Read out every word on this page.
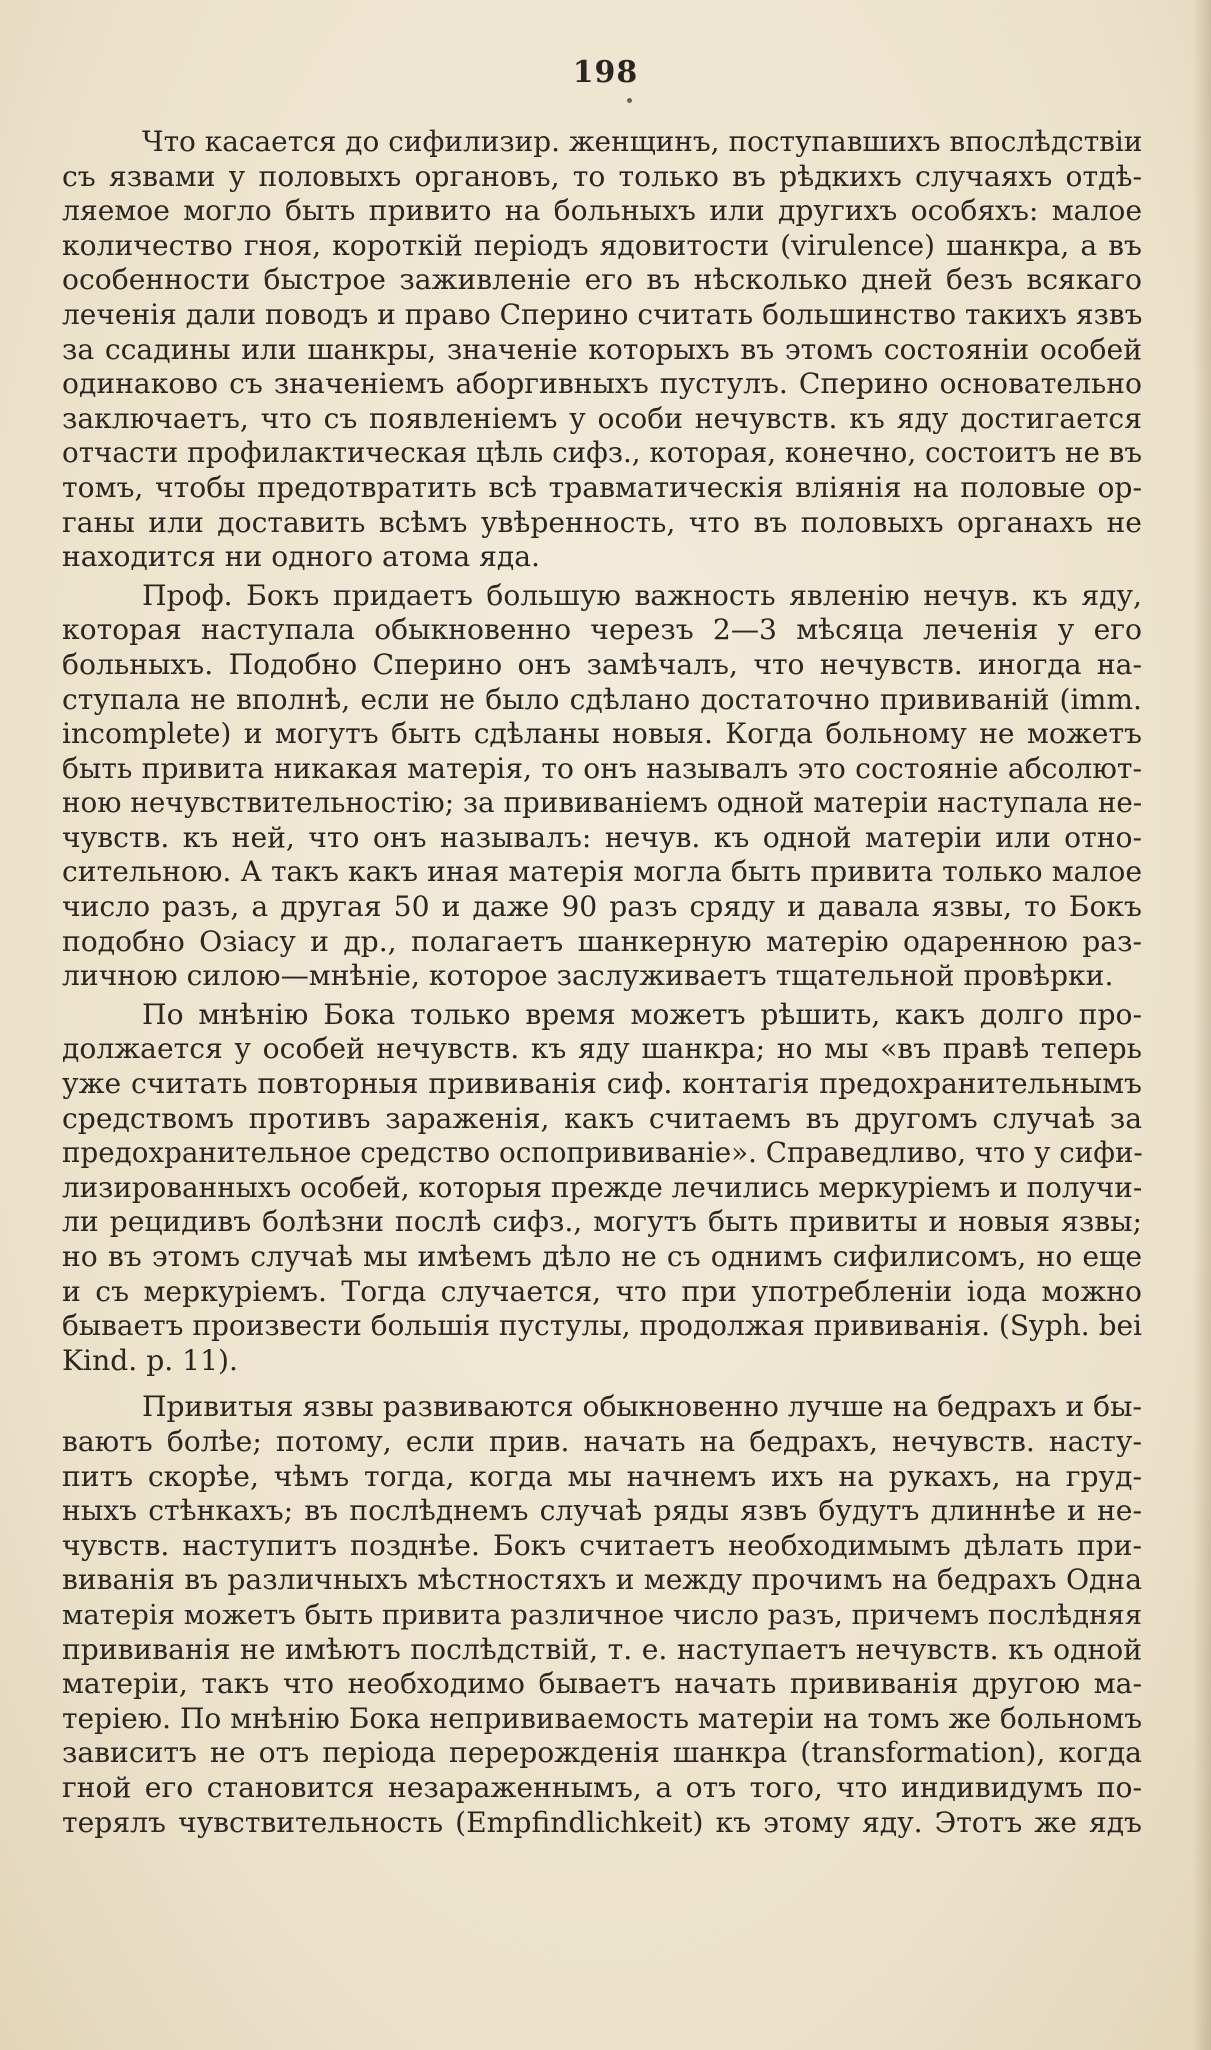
198
Что касается до сифилизир. женщинъ, поступавшихъ впослѣдствіи
съ язвами у половыхъ органовъ, то только въ рѣдкихъ случаяхъ отдѣ-
ляемое могло быть привито на больныхъ или другихъ особяхъ: малое
количество гноя, короткій періодъ ядовитости (virulence) шанкра, а въ
особенности быстрое заживленіе его въ нѣсколько дней безъ всякаго
леченія дали поводъ и право Сперино считать большинство такихъ язвъ
за ссадины или шанкры, значеніе которыхъ въ этомъ состояніи особей
одинаково съ значеніемъ аборгивныхъ пустулъ. Сперино основательно
заключаетъ, что съ появленіемъ у особи нечувств. къ яду достигается
отчасти профилактическая цѣль сифз., которая, конечно, состоитъ не въ
томъ, чтобы предотвратить всѣ травматическія вліянія на половые ор-
ганы или доставить всѣмъ увѣренность, что въ половыхъ органахъ не
находится ни одного атома яда.
Проф. Бокъ придаетъ большую важность явленію нечув. къ яду,
которая наступала обыкновенно черезъ 2—3 мѣсяца леченія у его
больныхъ. Подобно Сперино онъ замѣчалъ, что нечувств. иногда на-
ступала не вполнѣ, если не было сдѣлано достаточно прививаній (imm.
incomplete) и могутъ быть сдѣланы новыя. Когда больному не можетъ
быть привита никакая матерія, то онъ называлъ это состояніе абсолют-
ною нечувствительностію; за прививаніемъ одной матеріи наступала не-
чувств. къ ней, что онъ называлъ: нечув. къ одной матеріи или отно-
сительною. А такъ какъ иная матерія могла быть привита только малое
число разъ, а другая 50 и даже 90 разъ сряду и давала язвы, то Бокъ
подобно Озіасу и др., полагаетъ шанкерную матерію одаренною раз-
личною силою—мнѣніе, которое заслуживаетъ тщательной провѣрки.
По мнѣнію Бока только время можетъ рѣшить, какъ долго про-
должается у особей нечувств. къ яду шанкра; но мы «въ правѣ теперь
уже считать повторныя прививанія сиф. контагія предохранительнымъ
средствомъ противъ зараженія, какъ считаемъ въ другомъ случаѣ за
предохранительное средство оспопрививаніе». Справедливо, что у сифи-
лизированныхъ особей, которыя прежде лечились меркуріемъ и получи-
ли рецидивъ болѣзни послѣ сифз., могутъ быть привиты и новыя язвы;
но въ этомъ случаѣ мы имѣемъ дѣло не съ однимъ сифилисомъ, но еще
и съ меркуріемъ. Тогда случается, что при употребленіи іода можно
бываетъ произвести большія пустулы, продолжая прививанія. (Syph. bei
Kind. p. 11).
Привитыя язвы развиваются обыкновенно лучше на бедрахъ и бы-
ваютъ болѣе; потому, если прив. начать на бедрахъ, нечувств. насту-
питъ скорѣе, чѣмъ тогда, когда мы начнемъ ихъ на рукахъ, на груд-
ныхъ стѣнкахъ; въ послѣднемъ случаѣ ряды язвъ будутъ длиннѣе и не-
чувств. наступитъ позднѣе. Бокъ считаетъ необходимымъ дѣлать при-
виванія въ различныхъ мѣстностяхъ и между прочимъ на бедрахъ Одна
матерія можетъ быть привита различное число разъ, причемъ послѣдняя
прививанія не имѣютъ послѣдствій, т. е. наступаетъ нечувств. къ одной
матеріи, такъ что необходимо бываетъ начать прививанія другою ма-
теріею. По мнѣнію Бока непрививаемость матеріи на томъ же больномъ
зависитъ не отъ періода перерожденія шанкра (transformation), когда
гной его становится незараженнымъ, а отъ того, что индивидумъ по-
терялъ чувствительность (Empfindlichkeit) къ этому яду. Этотъ же ядъ
